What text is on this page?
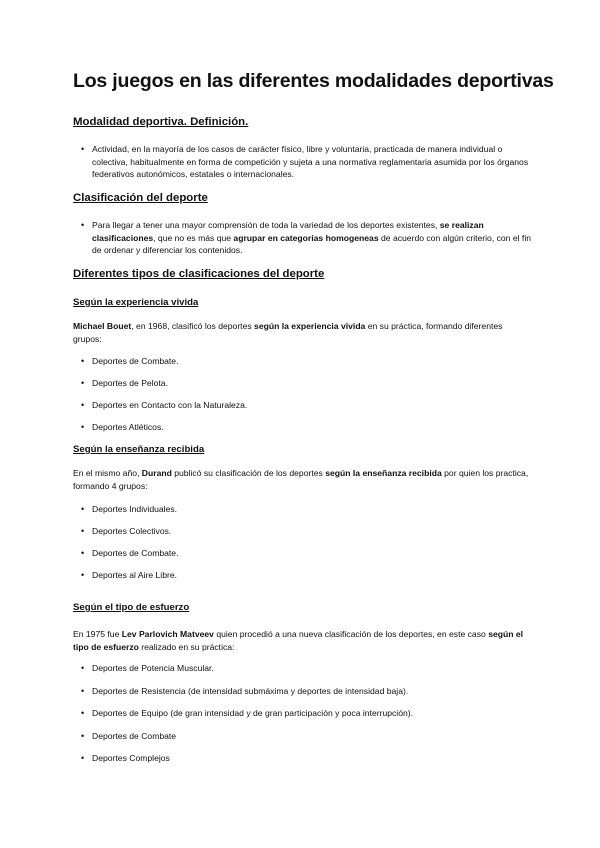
Los juegos en las diferentes modalidades deportivas
Modalidad deportiva. Definición.

• Actividad, en la mayoría de los casos de carácter físico, libre y voluntaria, practicada de manera individual o colectiva, habitualmente en forma de competición y sujeta a una normativa reglamentaria asumida por los órganos federativos autonómicos, estatales o internacionales.

Clasificación del deporte

• Para llegar a tener una mayor comprensión de toda la variedad de los deportes existentes, se realizan clasificaciones, que no es más que agrupar en categorías homogeneas de acuerdo con algún criterio, con el fin de ordenar y diferenciar los contenidos.

Diferentes tipos de clasificaciones del deporte
Según la experiencia vivida

Michael Bouet, en 1968, clasificó los deportes según la experiencia vivida en su práctica, formando diferentes grupos:

• Deportes de Combate.

• Deportes de Pelota.

• Deportes en Contacto con la Naturaleza.

• Deportes Atléticos.

Según la enseñanza recibida

En el mismo año, Durand publicó su clasificación de los deportes según la enseñanza recibida por quien los practica, formando 4 grupos:

• Deportes Individuales.

• Deportes Colectivos.

• Deportes de Combate.

• Deportes al Aire Libre.

Según el tipo de esfuerzo

En 1975 fue Lev Parlovich Matveev quien procedió a una nueva clasificación de los deportes, en este caso según el tipo de esfuerzo realizado en su práctica:

• Deportes de Potencia Muscular.

• Deportes de Resistencia (de intensidad submáxima y deportes de intensidad baja).

• Deportes de Equipo (de gran intensidad y de gran participación y poca interrupción).

• Deportes de Combate

• Deportes Complejos
